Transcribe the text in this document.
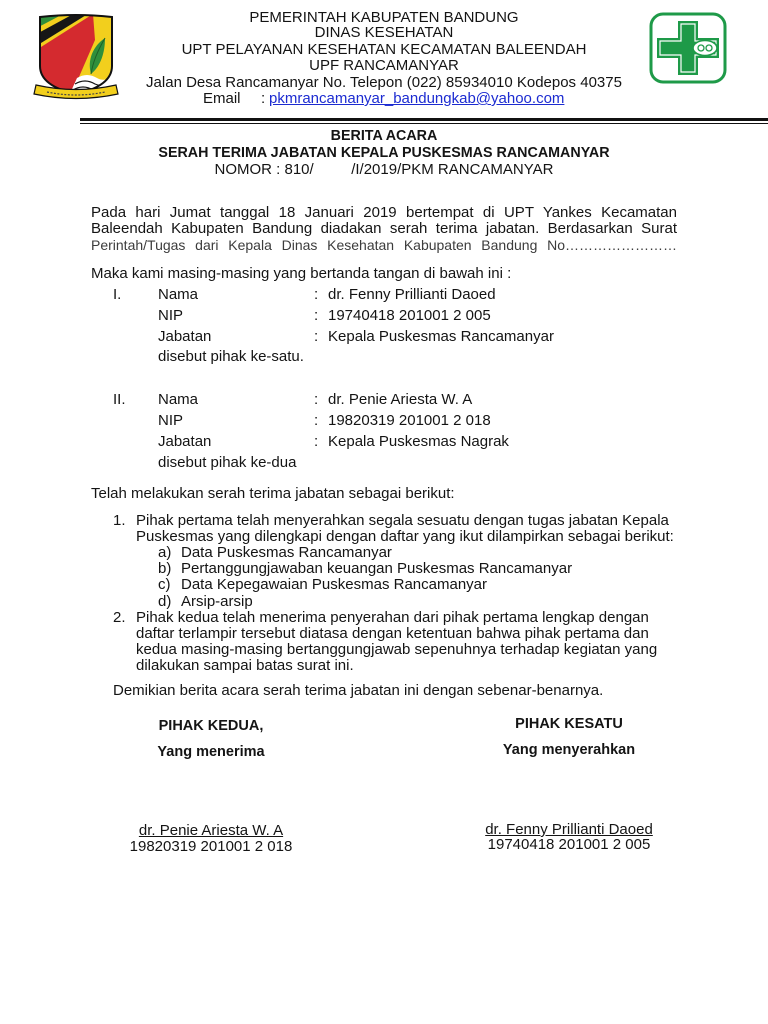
PEMERINTAH KABUPATEN BANDUNG
DINAS KESEHATAN
UPT PELAYANAN KESEHATAN KECAMATAN BALEENDAH
UPF RANCAMANYAR
Jalan Desa Rancamanyar No. Telepon (022) 85934010 Kodepos 40375
Email : pkmrancamanyar_bandungkab@yahoo.com
BERITA ACARA
SERAH TERIMA JABATAN KEPALA PUSKESMAS RANCAMANYAR
NOMOR : 810/         /I/2019/PKM RANCAMANYAR
Pada hari Jumat tanggal 18 Januari 2019 bertempat di UPT Yankes Kecamatan
Baleendah Kabupaten Bandung diadakan serah terima jabatan. Berdasarkan Surat
Perintah/Tugas dari Kepala Dinas Kesehatan Kabupaten Bandung No……………………
Maka kami masing-masing yang bertanda tangan di bawah ini :
I. Nama	: dr. Fenny Prillianti Daoed
NIP	: 19740418 201001 2 005
Jabatan	: Kepala Puskesmas Rancamanyar
disebut pihak ke-satu.
II. Nama	: dr. Penie Ariesta W. A
NIP	: 19820319 201001 2 018
Jabatan	: Kepala Puskesmas Nagrak
disebut pihak ke-dua
Telah melakukan serah terima jabatan sebagai berikut:
1. Pihak pertama telah menyerahkan segala sesuatu dengan tugas jabatan Kepala
Puskesmas yang dilengkapi dengan daftar yang ikut dilampirkan sebagai berikut:
a) Data Puskesmas Rancamanyar
b) Pertanggungjawaban keuangan Puskesmas Rancamanyar
c) Data Kepegawaian Puskesmas Rancamanyar
d) Arsip-arsip
2. Pihak kedua telah menerima penyerahan dari pihak pertama lengkap dengan
daftar terlampir tersebut diatasa dengan ketentuan bahwa pihak pertama dan
kedua masing-masing bertanggungjawab sepenuhnya terhadap kegiatan yang
dilakukan sampai batas surat ini.
Demikian berita acara serah terima jabatan ini dengan sebenar-benarnya.
PIHAK KEDUA,
Yang menerima
dr. Penie Ariesta W. A
19820319 201001 2 018
PIHAK KESATU
Yang menyerahkan
dr. Fenny Prillianti Daoed
19740418 201001 2 005
